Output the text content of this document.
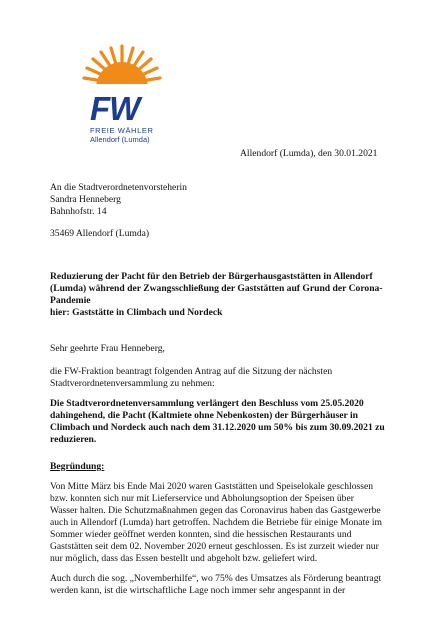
FW
FREIE WÄHLER
Allendorf (Lumda)
Allendorf (Lumda), den 30.01.2021
An die Stadtverordnetenvorsteherin
Sandra Henneberg
Bahnhofstr. 14
35469 Allendorf (Lumda)
Reduzierung der Pacht für den Betrieb der Bürgerhausgaststätten in Allendorf
(Lumda) während der Zwangsschließung der Gaststätten auf Grund der Corona-
Pandemie
hier: Gaststätte in Climbach und Nordeck
Sehr geehrte Frau Henneberg,
die FW-Fraktion beantragt folgenden Antrag auf die Sitzung der nächsten
Stadtverordnetenversammlung zu nehmen:
Die Stadtverordnetenversammlung verlängert den Beschluss vom 25.05.2020
dahingehend, die Pacht (Kaltmiete ohne Nebenkosten) der Bürgerhäuser in
Climbach und Nordeck auch nach dem 31.12.2020 um 50% bis zum 30.09.2021 zu
reduzieren.
Begründung:
Von Mitte März bis Ende Mai 2020 waren Gaststätten und Speiselokale geschlossen
bzw. konnten sich nur mit Lieferservice und Abholungsoption der Speisen über
Wasser halten. Die Schutzmaßnahmen gegen das Coronavirus haben das Gastgewerbe
auch in Allendorf (Lumda) hart getroffen. Nachdem die Betriebe für einige Monate im
Sommer wieder geöffnet werden konnten, sind die hessischen Restaurants und
Gaststätten seit dem 02. November 2020 erneut geschlossen. Es ist zurzeit wieder nur
nur möglich, dass das Essen bestellt und abgeholt bzw. geliefert wird.
Auch durch die sog. „Novemberhilfe“, wo 75% des Umsatzes als Förderung beantragt
werden kann, ist die wirtschaftliche Lage noch immer sehr angespannt in der
